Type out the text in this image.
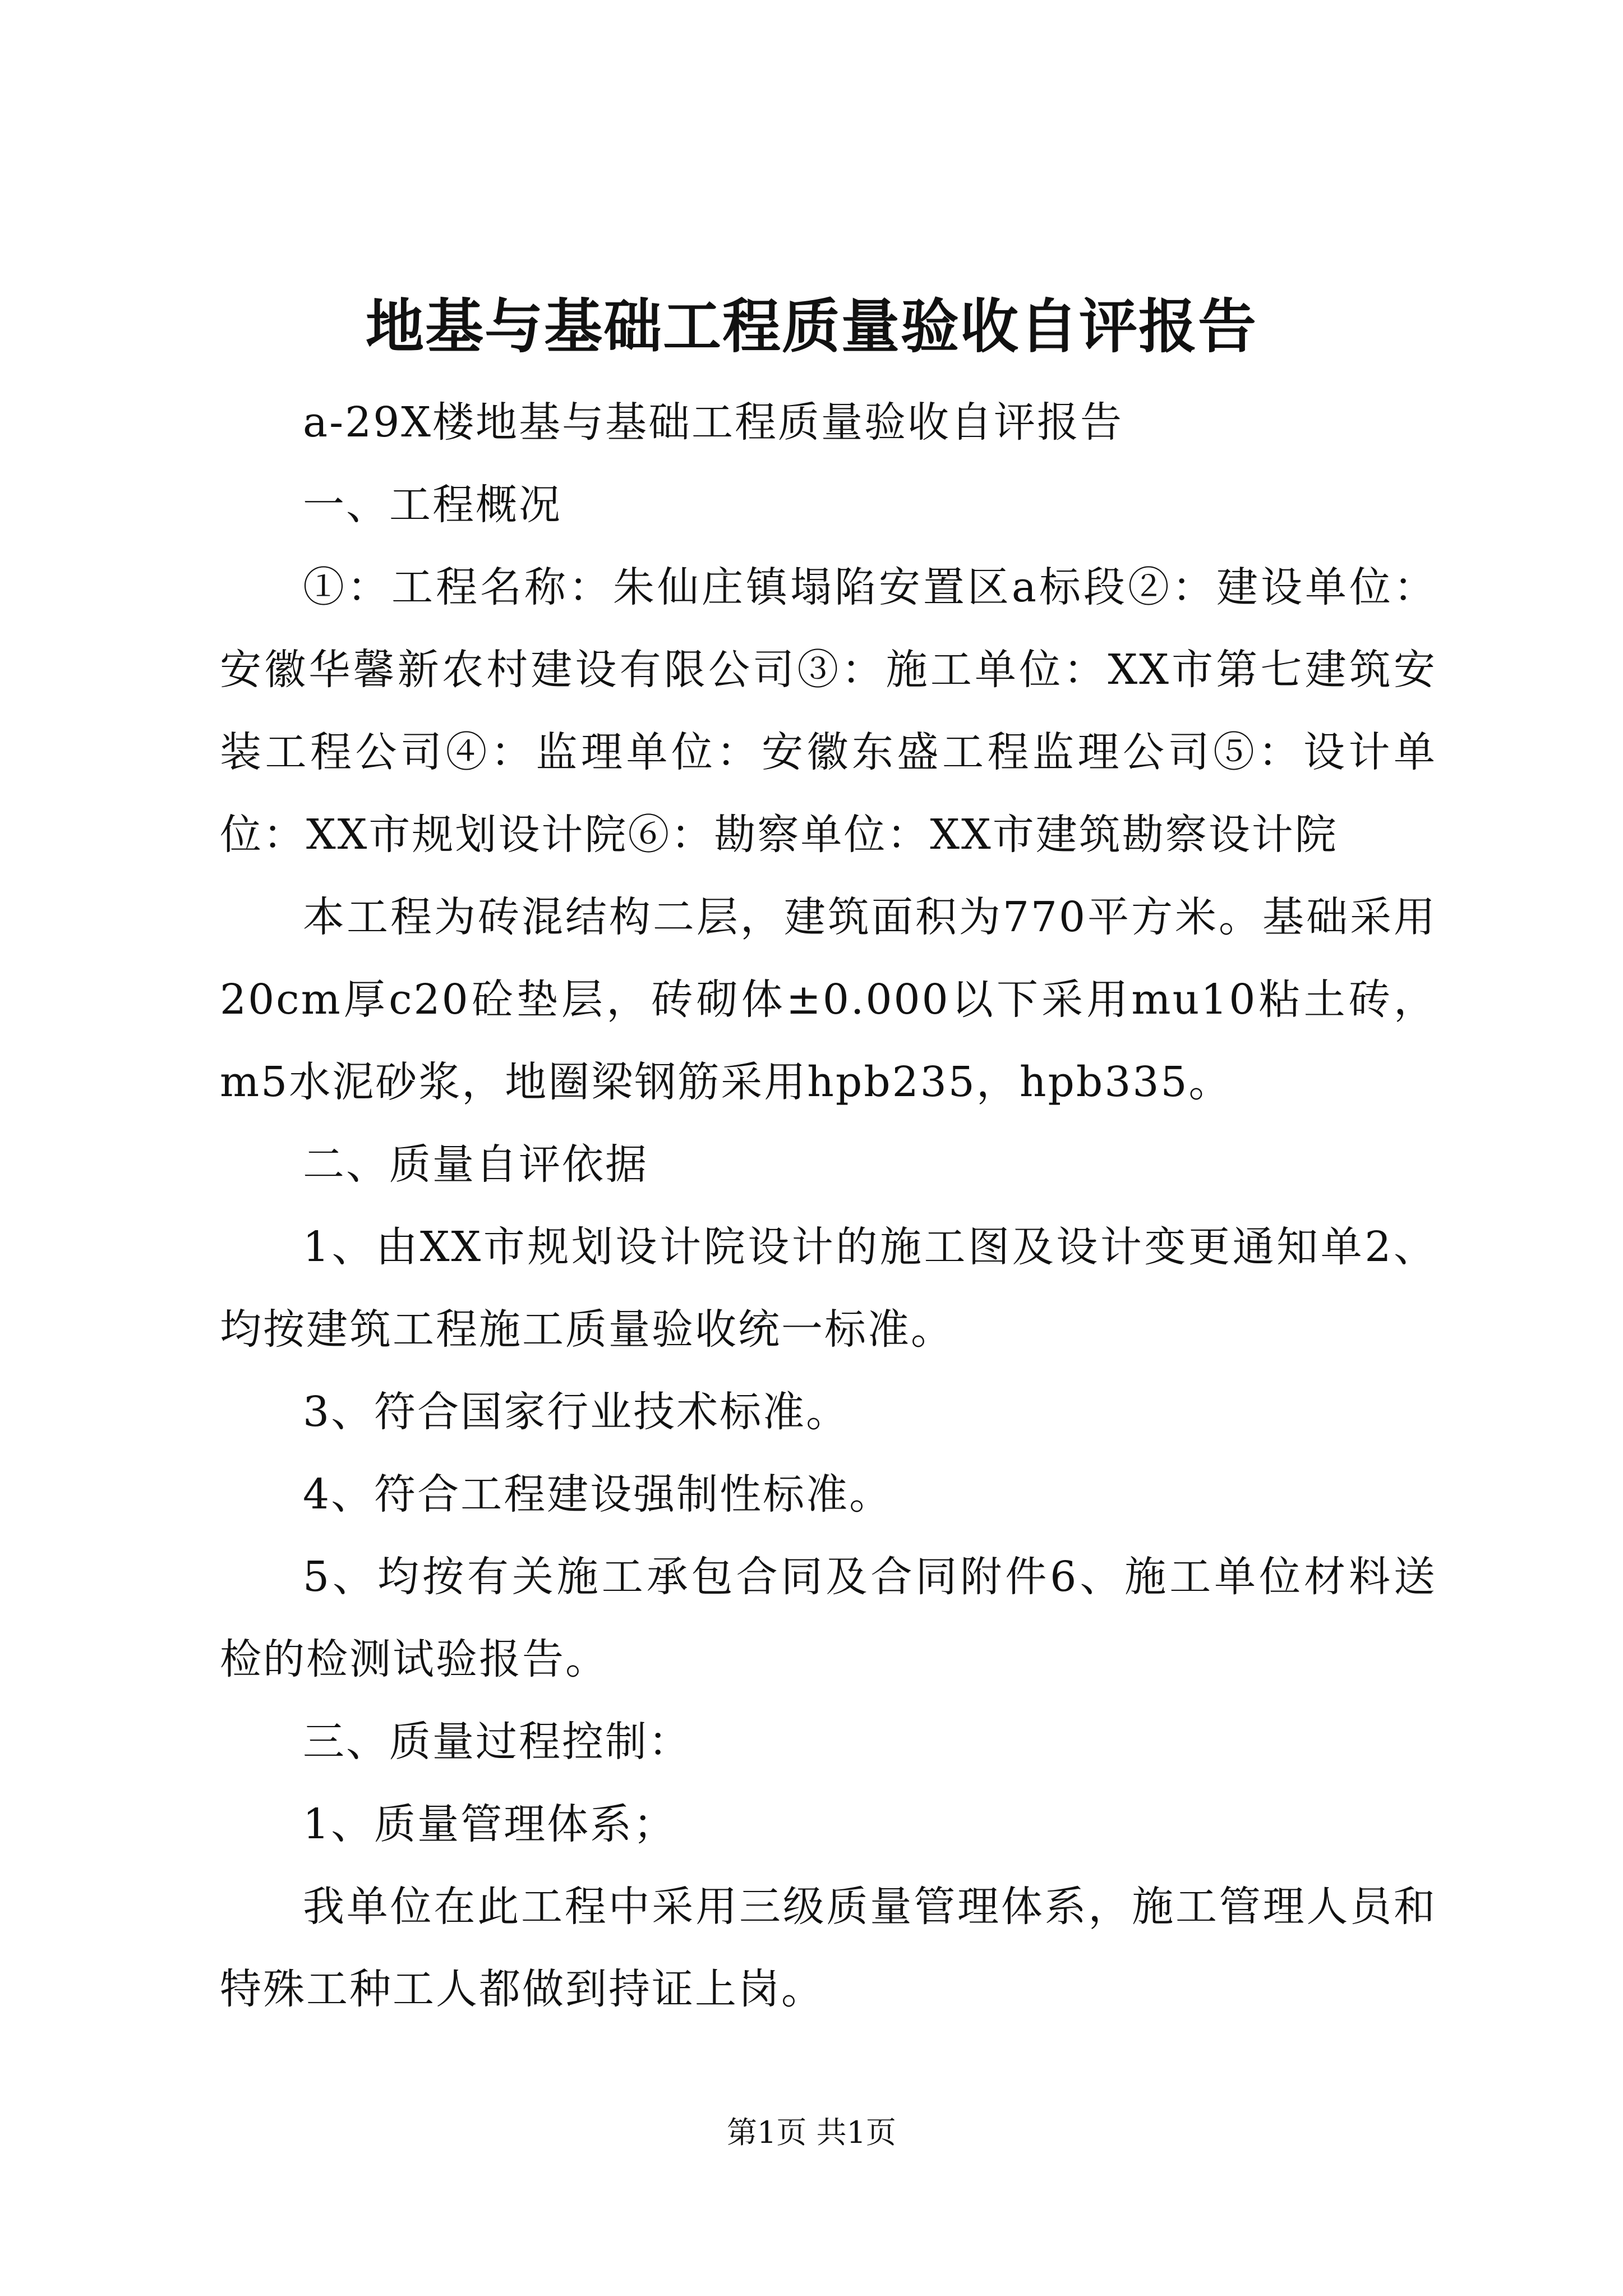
地基与基础工程质量验收自评报告

a-29X楼地基与基础工程质量验收自评报告

一、工程概况

①：工程名称：朱仙庄镇塌陷安置区a标段②：建设单位：安徽华馨新农村建设有限公司③：施工单位：XX市第七建筑安装工程公司④：监理单位：安徽东盛工程监理公司⑤：设计单位：XX市规划设计院⑥：勘察单位：XX市建筑勘察设计院

本工程为砖混结构二层，建筑面积为770平方米。基础采用20cm厚c20砼垫层，砖砌体±0.000以下采用mu10粘土砖，m5水泥砂浆，地圈梁钢筋采用hpb235，hpb335。

二、质量自评依据

1、由XX市规划设计院设计的施工图及设计变更通知单2、均按建筑工程施工质量验收统一标准。

3、符合国家行业技术标准。

4、符合工程建设强制性标准。

5、均按有关施工承包合同及合同附件6、施工单位材料送检的检测试验报告。

三、质量过程控制：

1、质量管理体系；

我单位在此工程中采用三级质量管理体系，施工管理人员和特殊工种工人都做到持证上岗。

第1页 共1页
